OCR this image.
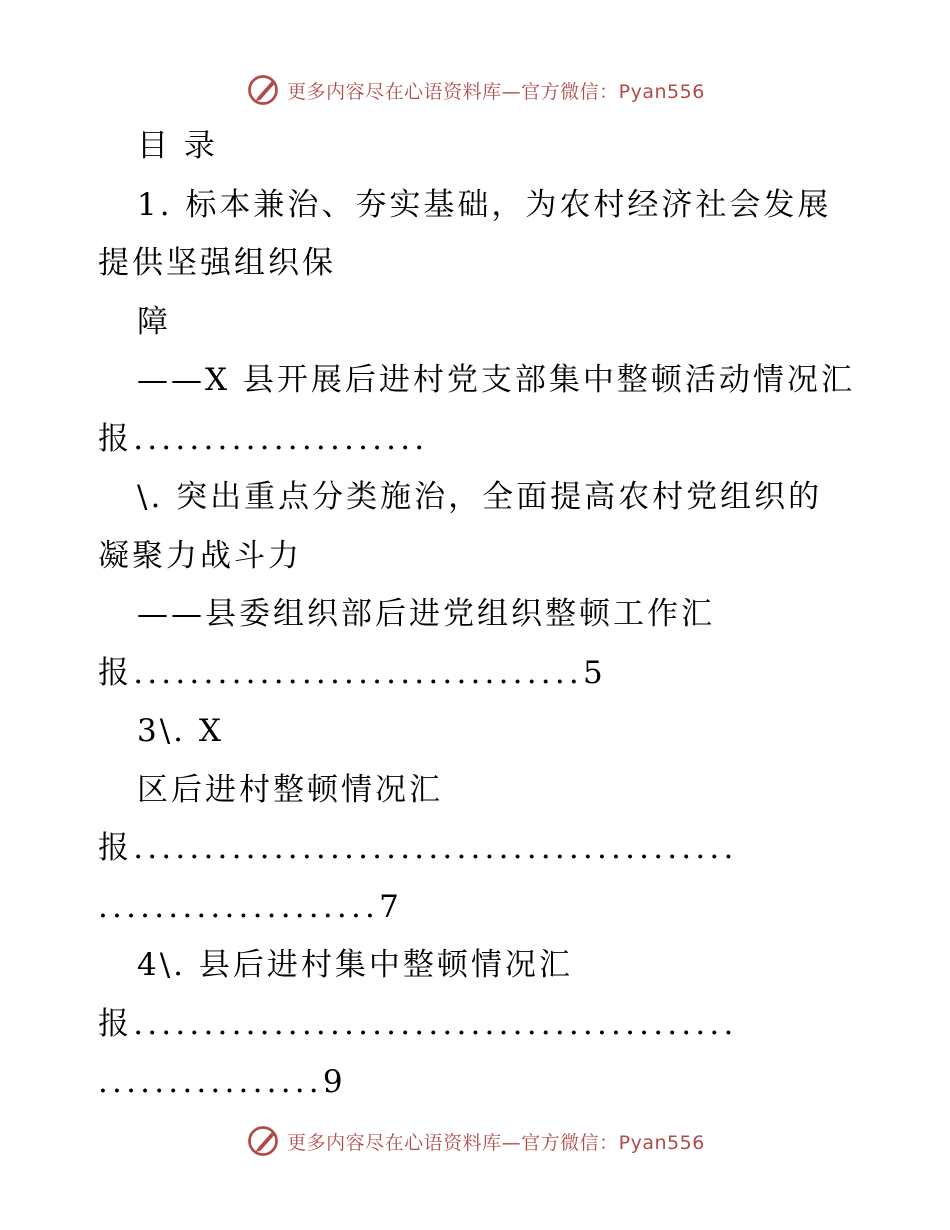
更多内容尽在心语资料库—官方微信：Pyan556
目 录
1. 标本兼治、夯实基础，为农村经济社会发展
提供坚强组织保
障
——X 县开展后进村党支部集中整顿活动情况汇
报.....................
\. 突出重点分类施治，全面提高农村党组织的
凝聚力战斗力
——县委组织部后进党组织整顿工作汇
报................................5
3\. X
区后进村整顿情况汇
报...........................................
....................7
4\. 县后进村集中整顿情况汇
报...........................................
................9
更多内容尽在心语资料库—官方微信：Pyan556
